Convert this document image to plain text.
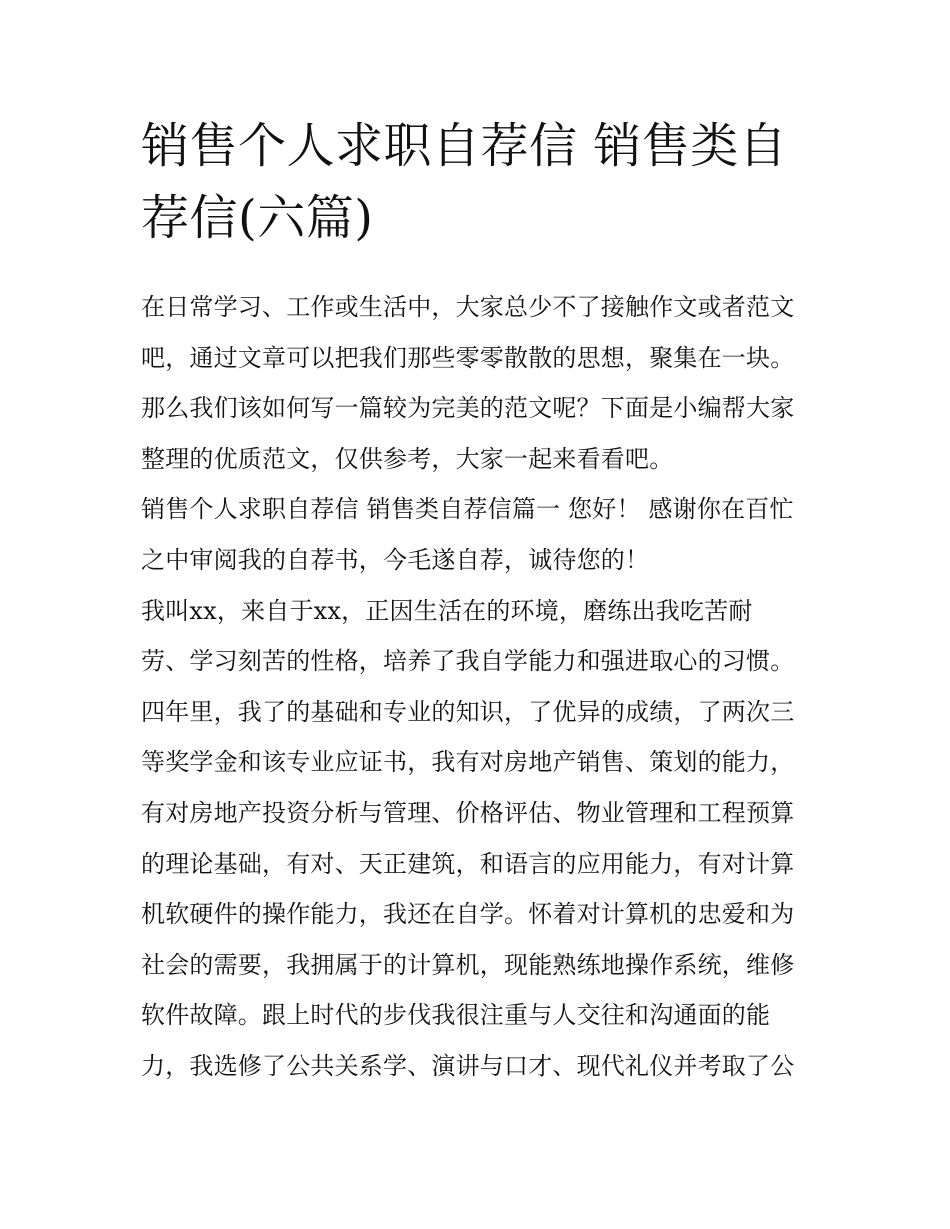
销售个人求职自荐信 销售类自
荐信(六篇)
在日常学习、工作或生活中，大家总少不了接触作文或者范文
吧，通过文章可以把我们那些零零散散的思想，聚集在一块。
那么我们该如何写一篇较为完美的范文呢？下面是小编帮大家
整理的优质范文，仅供参考，大家一起来看看吧。
销售个人求职自荐信 销售类自荐信篇一 您好！ 感谢你在百忙
之中审阅我的自荐书，今毛遂自荐，诚待您的！
我叫xx，来自于xx，正因生活在的环境，磨练出我吃苦耐
劳、学习刻苦的性格，培养了我自学能力和强进取心的习惯。
四年里，我了的基础和专业的知识，了优异的成绩，了两次三
等奖学金和该专业应证书，我有对房地产销售、策划的能力，
有对房地产投资分析与管理、价格评估、物业管理和工程预算
的理论基础，有对、天正建筑，和语言的应用能力，有对计算
机软硬件的操作能力，我还在自学。怀着对计算机的忠爱和为
社会的需要，我拥属于的计算机，现能熟练地操作系统，维修
软件故障。跟上时代的步伐我很注重与人交往和沟通面的能
力，我选修了公共关系学、演讲与口才、现代礼仪并考取了公
